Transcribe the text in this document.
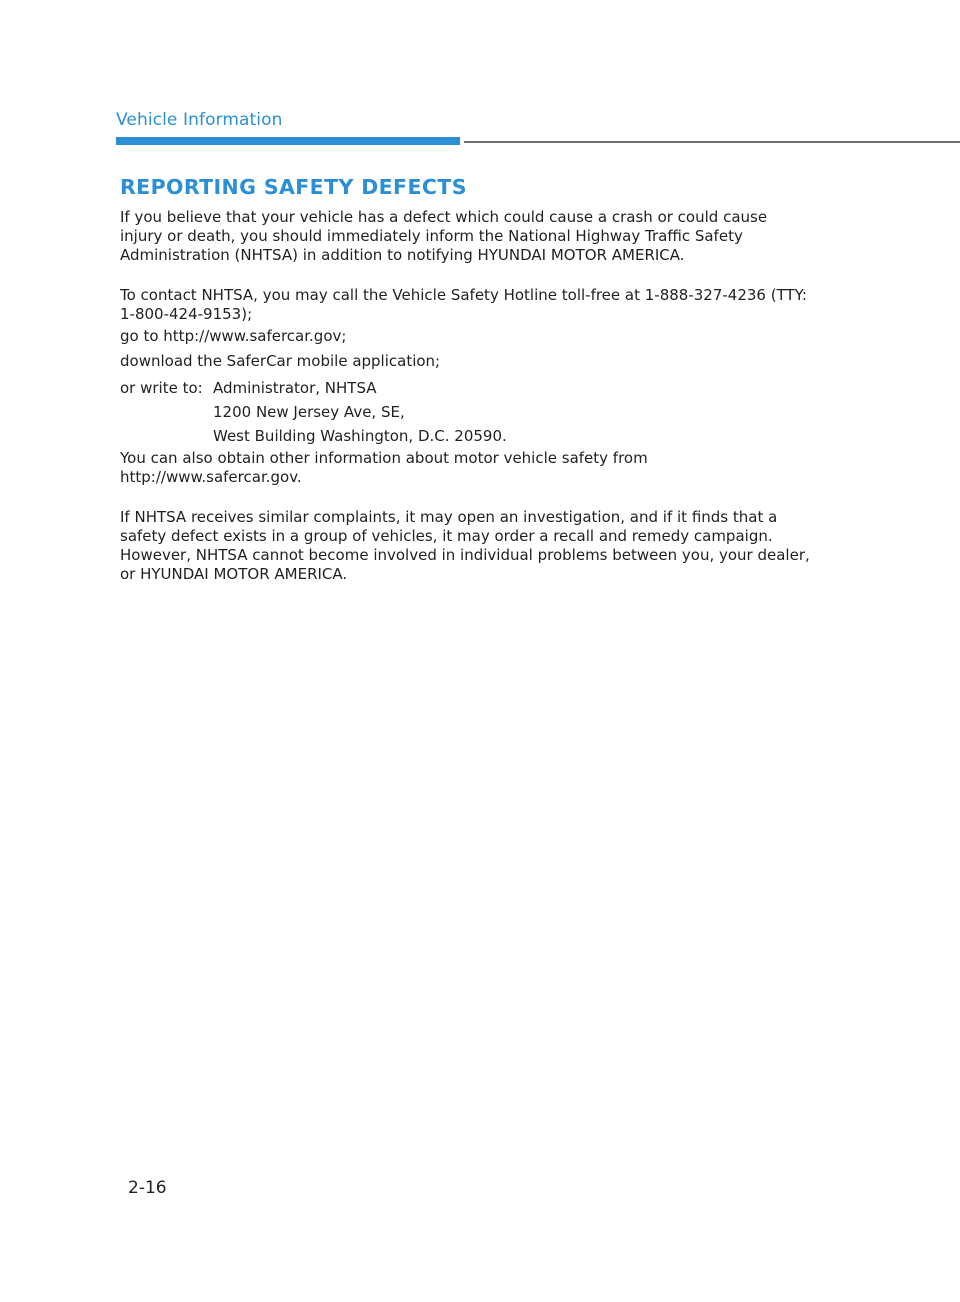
Vehicle Information
REPORTING SAFETY DEFECTS
If you believe that your vehicle has a defect which could cause a crash or could cause injury or death, you should immediately inform the National Highway Traffic Safety Administration (NHTSA) in addition to notifying HYUNDAI MOTOR AMERICA.
To contact NHTSA, you may call the Vehicle Safety Hotline toll-free at 1-888-327-4236 (TTY: 1-800-424-9153);
go to http://www.safercar.gov;
download the SaferCar mobile application;
or write to: Administrator, NHTSA
1200 New Jersey Ave, SE,
West Building Washington, D.C. 20590.
You can also obtain other information about motor vehicle safety from http://www.safercar.gov.
If NHTSA receives similar complaints, it may open an investigation, and if it finds that a safety defect exists in a group of vehicles, it may order a recall and remedy campaign. However, NHTSA cannot become involved in individual problems between you, your dealer, or HYUNDAI MOTOR AMERICA.
2-16
